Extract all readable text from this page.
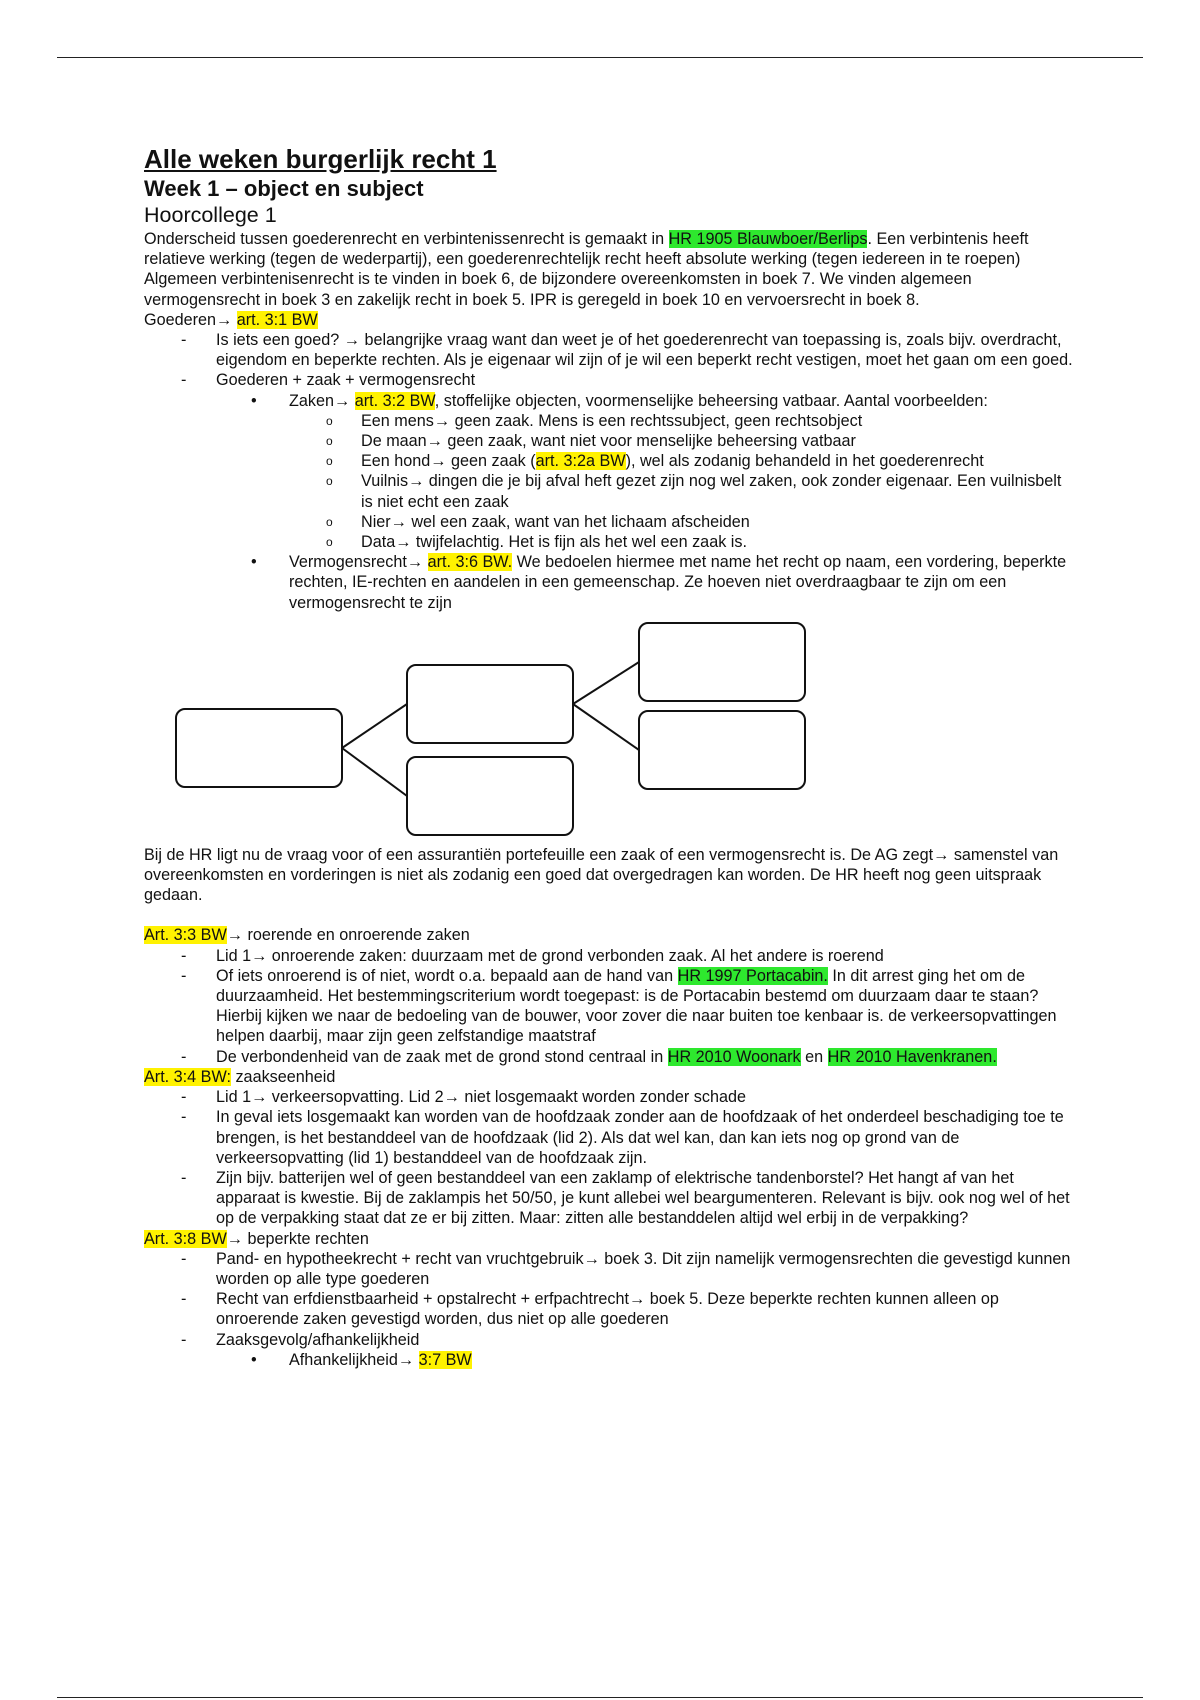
Alle weken burgerlijk recht 1
Week 1 – object en subject
Hoorcollege 1

Onderscheid tussen goederenrecht en verbintenissenrecht is gemaakt in HR 1905 Blauwboer/Berlips. Een verbintenis heeft relatieve werking (tegen de wederpartij), een goederenrechtelijk recht heeft absolute werking (tegen iedereen in te roepen)

Algemeen verbintenisenrecht is te vinden in boek 6, de bijzondere overeenkomsten in boek 7. We vinden algemeen vermogensrecht in boek 3 en zakelijk recht in boek 5. IPR is geregeld in boek 10 en vervoersrecht in boek 8.

Goederen→ art. 3:1 BW

- Is iets een goed? → belangrijke vraag want dan weet je of het goederenrecht van toepassing is, zoals bijv. overdracht, eigendom en beperkte rechten. Als je eigenaar wil zijn of je wil een beperkt recht vestigen, moet het gaan om een goed.
- Goederen + zaak + vermogensrecht
• Zaken→ art. 3:2 BW, stoffelijke objecten, voormenselijke beheersing vatbaar. Aantal voorbeelden:
o Een mens→ geen zaak. Mens is een rechtssubject, geen rechtsobject
o De maan→ geen zaak, want niet voor menselijke beheersing vatbaar
o Een hond→ geen zaak (art. 3:2a BW), wel als zodanig behandeld in het goederenrecht
o Vuilnis→ dingen die je bij afval heft gezet zijn nog wel zaken, ook zonder eigenaar. Een vuilnisbelt is niet echt een zaak
o Nier→ wel een zaak, want van het lichaam afscheiden
o Data→ twijfelachtig. Het is fijn als het wel een zaak is.
• Vermogensrecht→ art. 3:6 BW. We bedoelen hiermee met name het recht op naam, een vordering, beperkte rechten, IE-rechten en aandelen in een gemeenschap. Ze hoeven niet overdraagbaar te zijn om een vermogensrecht te zijn

Bij de HR ligt nu de vraag voor of een assurantiën portefeuille een zaak of een vermogensrecht is. De AG zegt→ samenstel van overeenkomsten en vorderingen is niet als zodanig een goed dat overgedragen kan worden. De HR heeft nog geen uitspraak gedaan.

Art. 3:3 BW→ roerende en onroerende zaken

- Lid 1→ onroerende zaken: duurzaam met de grond verbonden zaak. Al het andere is roerend
- Of iets onroerend is of niet, wordt o.a. bepaald aan de hand van HR 1997 Portacabin. In dit arrest ging het om de duurzaamheid. Het bestemmingscriterium wordt toegepast: is de Portacabin bestemd om duurzaam daar te staan? Hierbij kijken we naar de bedoeling van de bouwer, voor zover die naar buiten toe kenbaar is. de verkeersopvattingen helpen daarbij, maar zijn geen zelfstandige maatstraf
- De verbondenheid van de zaak met de grond stond centraal in HR 2010 Woonark en HR 2010 Havenkranen.

Art. 3:4 BW: zaakseenheid

- Lid 1→ verkeersopvatting. Lid 2→ niet losgemaakt worden zonder schade
- In geval iets losgemaakt kan worden van de hoofdzaak zonder aan de hoofdzaak of het onderdeel beschadiging toe te brengen, is het bestanddeel van de hoofdzaak (lid 2). Als dat wel kan, dan kan iets nog op grond van de verkeersopvatting (lid 1) bestanddeel van de hoofdzaak zijn.
- Zijn bijv. batterijen wel of geen bestanddeel van een zaklamp of elektrische tandenborstel? Het hangt af van het apparaat is kwestie. Bij de zaklampis het 50/50, je kunt allebei wel beargumenteren. Relevant is bijv. ook nog wel of het op de verpakking staat dat ze er bij zitten. Maar: zitten alle bestanddelen altijd wel erbij in de verpakking?

Art. 3:8 BW→ beperkte rechten

- Pand- en hypotheekrecht + recht van vruchtgebruik→ boek 3. Dit zijn namelijk vermogensrechten die gevestigd kunnen worden op alle type goederen
- Recht van erfdienstbaarheid + opstalrecht + erfpachtrecht→ boek 5. Deze beperkte rechten kunnen alleen op onroerende zaken gevestigd worden, dus niet op alle goederen
- Zaaksgevolg/afhankelijkheid
• Afhankelijkheid→ 3:7 BW
